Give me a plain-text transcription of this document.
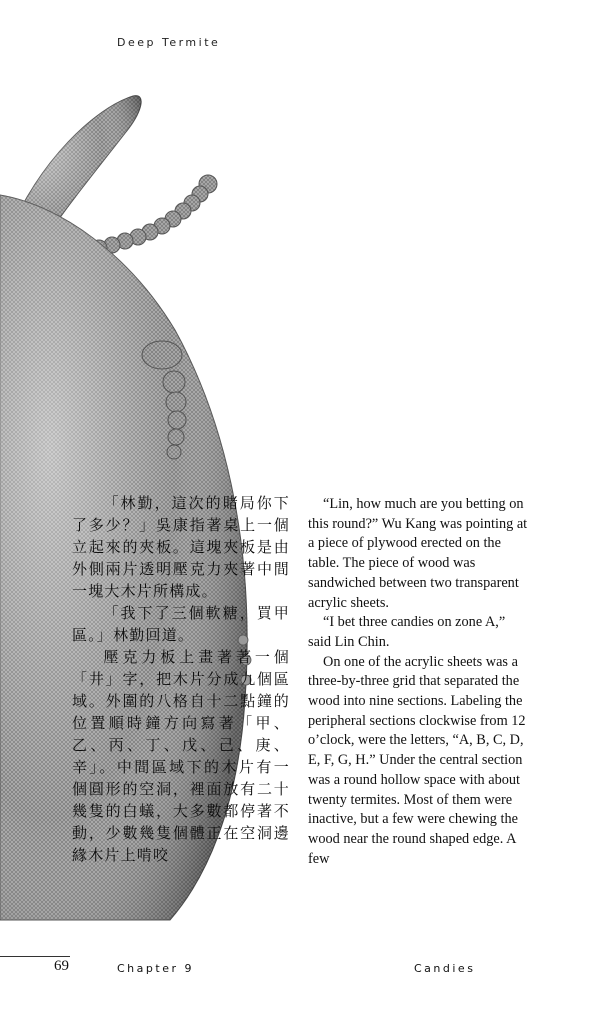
Deep Termite

「林勤，這次的賭局你下了多少？」吳康指著桌上一個立起來的夾板。這塊夾板是由外側兩片透明壓克力夾著中間一塊大木片所構成。

「我下了三個軟糖，買甲區。」林勤回道。

壓克力板上畫著著一個「井」字，把木片分成九個區域。外圍的八格自十二點鐘的位置順時鐘方向寫著「甲、乙、丙、丁、戊、己、庚、辛」。中間區域下的木片有一個圓形的空洞，裡面放有二十幾隻的白蟻，大多數都停著不動，少數幾隻個體正在空洞邊緣木片上啃咬

“Lin, how much are you betting on this round?” Wu Kang was pointing at a piece of plywood erected on the table. The piece of wood was sandwiched between two transparent acrylic sheets.

“I bet three candies on zone A,” said Lin Chin.

On one of the acrylic sheets was a three-by-three grid that separated the wood into nine sections. Labeling the peripheral sections clockwise from 12 o’clock, were the letters, “A, B, C, D, E, F, G, H.” Under the central section was a round hollow space with about twenty termites. Most of them were inactive, but a few were chewing the wood near the round shaped edge. A few

69	Chapter 9	Candies
